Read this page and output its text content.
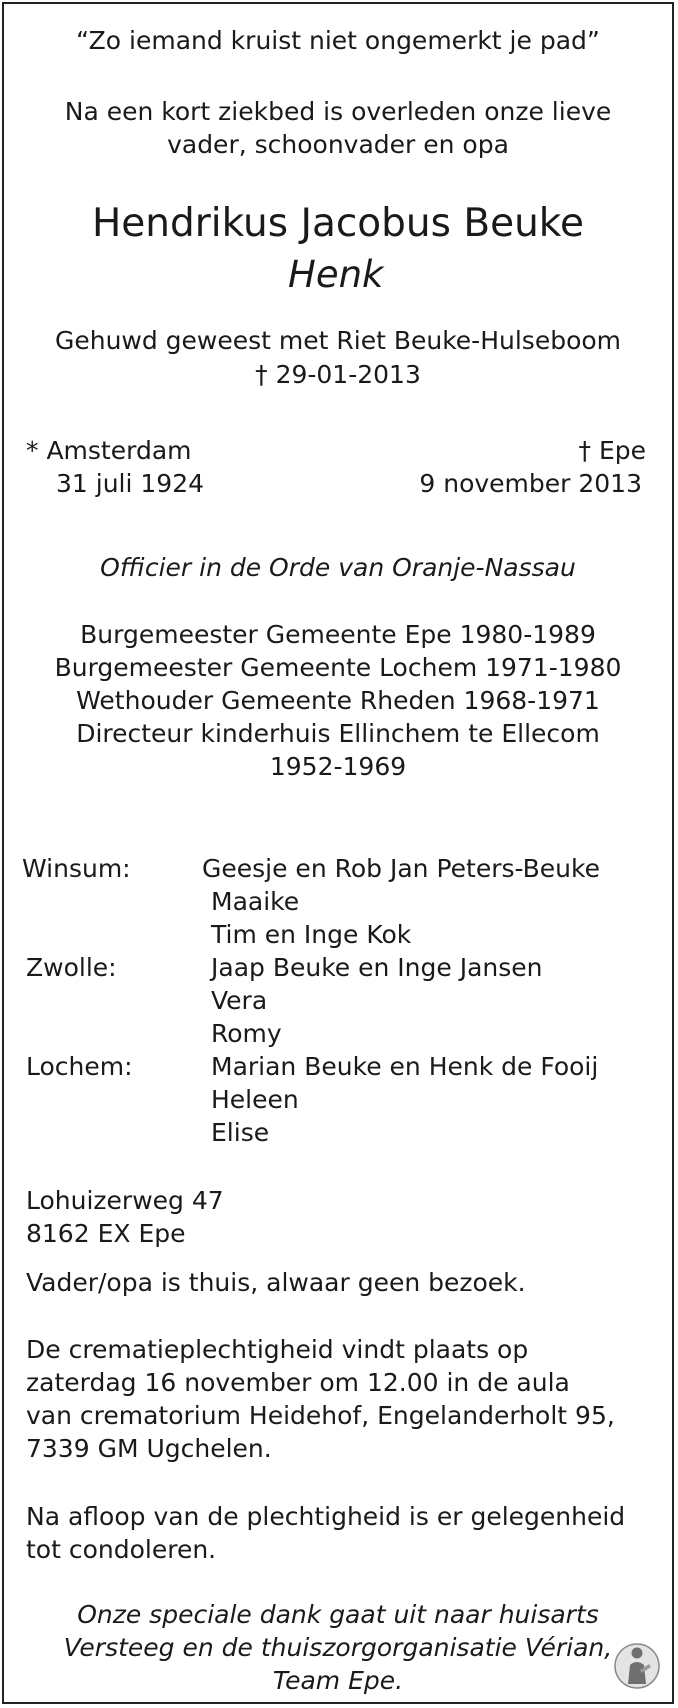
“Zo iemand kruist niet ongemerkt je pad”
Na een kort ziekbed is overleden onze lieve
vader, schoonvader en opa
Hendrikus Jacobus Beuke
Henk
Gehuwd geweest met Riet Beuke-Hulseboom
† 29-01-2013
* Amsterdam
31 juli 1924
† Epe
9 november 2013
Officier in de Orde van Oranje-Nassau
Burgemeester Gemeente Epe 1980-1989
Burgemeester Gemeente Lochem 1971-1980
Wethouder Gemeente Rheden 1968-1971
Directeur kinderhuis Ellinchem te Ellecom
1952-1969
Winsum:	Geesje en Rob Jan Peters-Beuke
Maaike
Tim en Inge Kok
Zwolle:	Jaap Beuke en Inge Jansen
Vera
Romy
Lochem:	Marian Beuke en Henk de Fooij
Heleen
Elise
Lohuizerweg 47
8162 EX Epe
Vader/opa is thuis, alwaar geen bezoek.
De crematieplechtigheid vindt plaats op
zaterdag 16 november om 12.00 in de aula
van crematorium Heidehof, Engelanderholt 95,
7339 GM Ugchelen.
Na afloop van de plechtigheid is er gelegenheid
tot condoleren.
Onze speciale dank gaat uit naar huisarts
Versteeg en de thuiszorgorganisatie Vérian,
Team Epe.
